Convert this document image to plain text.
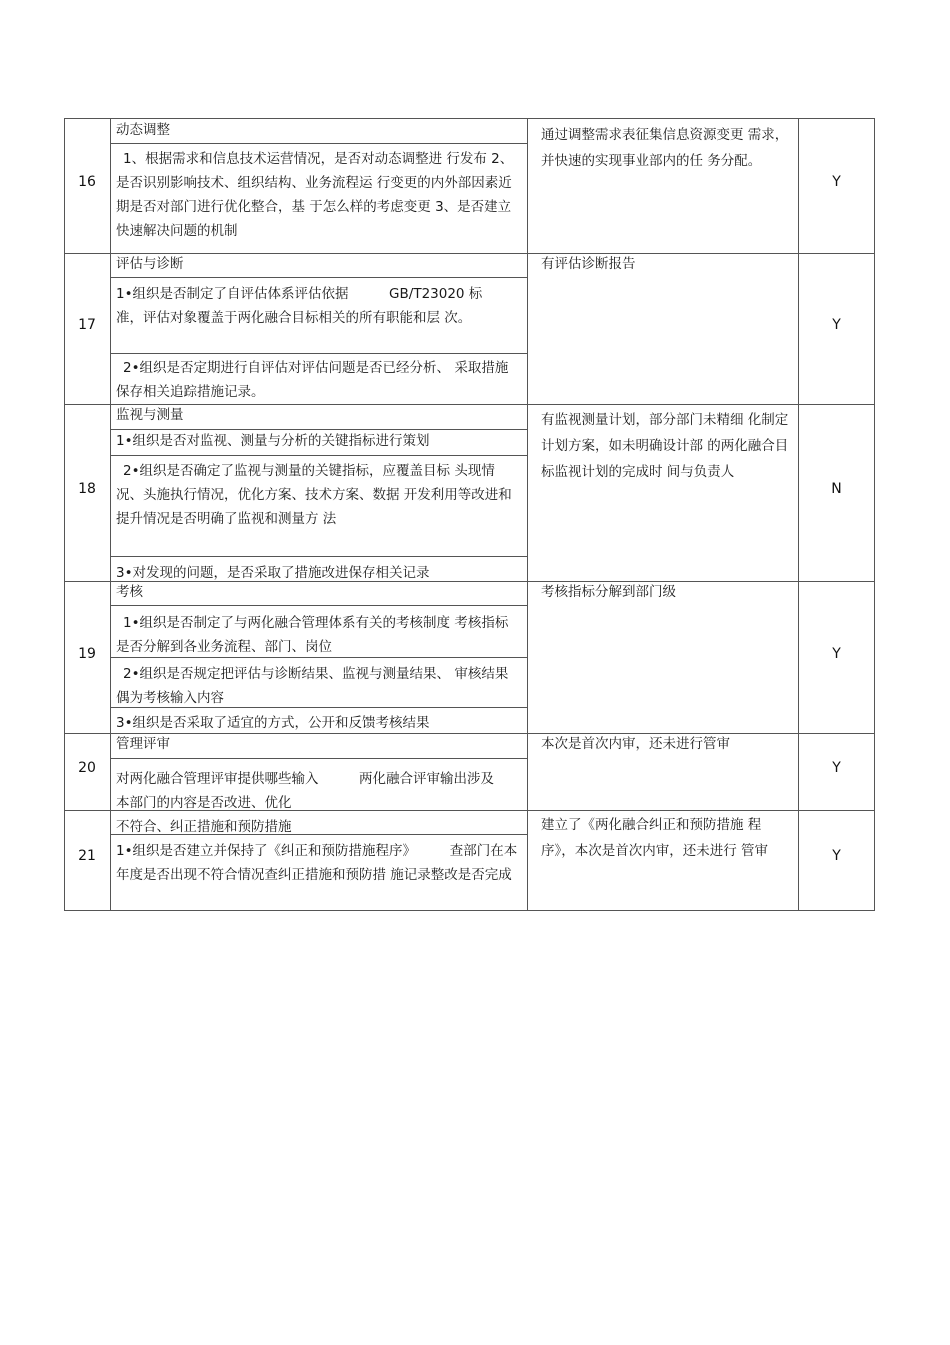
16
动态调整
1、根据需求和信息技术运营情况，是否对动态调整进 行发布 2、是否识别影响技术、组织结构、业务流程运 行变更的内外部因素近期是否对部门进行优化整合，基 于怎么样的考虑变更 3、是否建立快速解决问题的机制
通过调整需求表征集信息资源变更 需求，并快速的实现事业部内的任 务分配。
Y
17
评估与诊断
1•组织是否制定了自评估体系评估依据　　　GB/T23020 标准，评估对象覆盖于两化融合目标相关的所有职能和层 次。
2•组织是否定期进行自评估对评估问题是否已经分析、 采取措施保存相关追踪措施记录。
有评估诊断报告
Y
18
监视与测量
1•组织是否对监视、测量与分析的关键指标进行策划
2•组织是否确定了监视与测量的关键指标，应覆盖目标 头现情况、头施执行情况，优化方案、技术方案、数据 开发利用等改进和提升情况是否明确了监视和测量方 法
3•对发现的问题，是否采取了措施改进保存相关记录
有监视测量计划，部分部门未精细 化制定计划方案，如未明确设计部 的两化融合目标监视计划的完成时 间与负责人
N
19
考核
1•组织是否制定了与两化融合管理体系有关的考核制度 考核指标是否分解到各业务流程、部门、岗位
2•组织是否规定把评估与诊断结果、监视与测量结果、 审核结果偶为考核输入内容
3•组织是否采取了适宜的方式，公开和反馈考核结果
考核指标分解到部门级
Y
20
管理评审
对两化融合管理评审提供哪些输入　　　两化融合评审输出涉及本部门的内容是否改进、优化
本次是首次内审，还未进行管审
Y
21
不符合、纠正措施和预防措施
1•组织是否建立并保持了《纠正和预防措施程序》　　　查部门在本年度是否出现不符合情况查纠正措施和预防措 施记录整改是否完成
建立了《两化融合纠正和预防措施 程序》，本次是首次内审，还未进行 管审	Y
